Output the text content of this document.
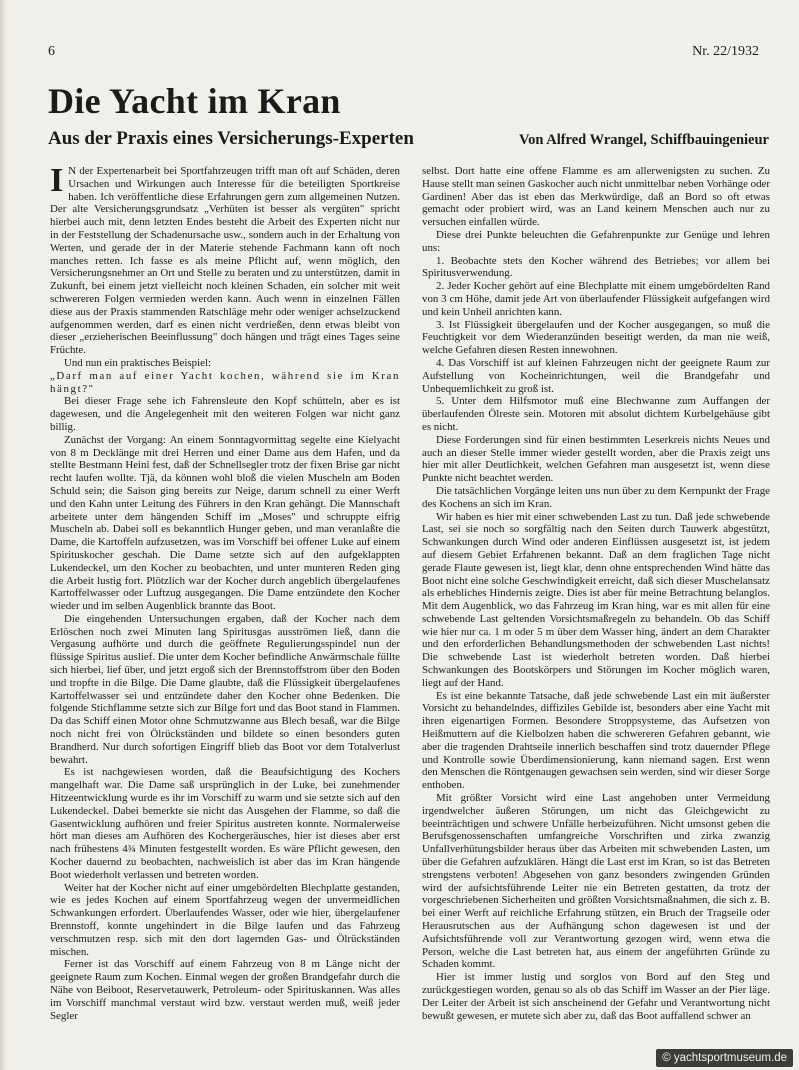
6	Nr. 22/1932
Die Yacht im Kran
Aus der Praxis eines Versicherungs-Experten	Von Alfred Wrangel, Schiffbauingenieur

I N der Expertenarbeit bei Sportfahrzeugen trifft man oft auf Schäden, deren Ursachen und Wirkungen auch Interesse für die beteiligten Sportkreise haben. Ich veröffentliche diese Erfahrungen gern zum allgemeinen Nutzen. Der alte Versicherungsgrundsatz „Verhüten ist besser als vergüten" spricht hierbei auch mit, denn letzten Endes besteht die Arbeit des Experten nicht nur in der Feststellung der Schadenursache usw., sondern auch in der Erhaltung von Werten, und gerade der in der Materie stehende Fachmann kann oft noch manches retten. Ich fasse es als meine Pflicht auf, wenn möglich, den Versicherungsnehmer an Ort und Stelle zu beraten und zu unterstützen, damit in Zukunft, bei einem jetzt vielleicht noch kleinen Schaden, ein solcher mit weit schwereren Folgen vermieden werden kann. Auch wenn in einzelnen Fällen diese aus der Praxis stammenden Ratschläge mehr oder weniger achselzuckend aufgenommen werden, darf es einen nicht verdrießen, denn etwas bleibt von dieser „erzieherischen Beeinflussung" doch hängen und trägt eines Tages seine Früchte.

Und nun ein praktisches Beispiel:

„Darf man auf einer Yacht kochen, während sie im Kran hängt?"

Bei dieser Frage sehe ich Fahrensleute den Kopf schütteln, aber es ist dagewesen, und die Angelegenheit mit den weiteren Folgen war nicht ganz billig.

Zunächst der Vorgang: An einem Sonntagvormittag segelte eine Kielyacht von 8 m Decklänge mit drei Herren und einer Dame aus dem Hafen, und da stellte Bestmann Heini fest, daß der Schnellsegler trotz der fixen Brise gar nicht recht laufen wollte. Tjä, da können wohl bloß die vielen Muscheln am Boden Schuld sein; die Saison ging bereits zur Neige, darum schnell zu einer Werft und den Kahn unter Leitung des Führers in den Kran gehängt. Die Mannschaft arbeitete unter dem hängenden Schiff im „Moses" und schruppte eifrig Muscheln ab. Dabei soll es bekanntlich Hunger geben, und man veranlaßte die Dame, die Kartoffeln aufzusetzen, was im Vorschiff bei offener Luke auf einem Spirituskocher geschah. Die Dame setzte sich auf den aufgeklappten Lukendeckel, um den Kocher zu beobachten, und unter munteren Reden ging die Arbeit lustig fort. Plötzlich war der Kocher durch angeblich übergelaufenes Kartoffelwasser oder Luftzug ausgegangen. Die Dame entzündete den Kocher wieder und im selben Augenblick brannte das Boot.

Die eingehenden Untersuchungen ergaben, daß der Kocher nach dem Erlöschen noch zwei Minuten lang Spiritusgas ausströmen ließ, dann die Vergasung aufhörte und durch die geöffnete Regulierungsspindel nun der flüssige Spiritus auslief. Die unter dem Kocher befindliche Anwärmschale füllte sich hierbei, lief über, und jetzt ergoß sich der Brennstoffstrom über den Boden und tropfte in die Bilge. Die Dame glaubte, daß die Flüssigkeit übergelaufenes Kartoffelwasser sei und entzündete daher den Kocher ohne Bedenken. Die folgende Stichflamme setzte sich zur Bilge fort und das Boot stand in Flammen. Da das Schiff einen Motor ohne Schmutzwanne aus Blech besaß, war die Bilge noch nicht frei von Ölrückständen und bildete so einen besonders guten Brandherd. Nur durch sofortigen Eingriff blieb das Boot vor dem Totalverlust bewahrt.

Es ist nachgewiesen worden, daß die Beaufsichtigung des Kochers mangelhaft war. Die Dame saß ursprünglich in der Luke, bei zunehmender Hitzeentwicklung wurde es ihr im Vorschiff zu warm und sie setzte sich auf den Lukendeckel. Dabei bemerkte sie nicht das Ausgehen der Flamme, so daß die Gasentwicklung aufhören und freier Spiritus austreten konnte. Normalerweise hört man dieses am Aufhören des Kochergeräusches, hier ist dieses aber erst nach frühestens 4¾ Minuten festgestellt worden. Es wäre Pflicht gewesen, den Kocher dauernd zu beobachten, nachweislich ist aber das im Kran hängende Boot wiederholt verlassen und betreten worden.

Weiter hat der Kocher nicht auf einer umgebördelten Blechplatte gestanden, wie es jedes Kochen auf einem Sportfahrzeug wegen der unvermeidlichen Schwankungen erfordert. Überlaufendes Wasser, oder wie hier, übergelaufener Brennstoff, konnte ungehindert in die Bilge laufen und das Fahrzeug verschmutzen resp. sich mit den dort lagernden Gas- und Ölrückständen mischen.

Ferner ist das Vorschiff auf einem Fahrzeug von 8 m Länge nicht der geeignete Raum zum Kochen. Einmal wegen der großen Brandgefahr durch die Nähe von Beiboot, Reservetauwerk, Petroleum- oder Spirituskannen. Was alles im Vorschiff manchmal verstaut wird bzw. verstaut werden muß, weiß jeder Segler

selbst. Dort hatte eine offene Flamme es am allerwenigsten zu suchen. Zu Hause stellt man seinen Gaskocher auch nicht unmittelbar neben Vorhänge oder Gardinen! Aber das ist eben das Merkwürdige, daß an Bord so oft etwas gemacht oder probiert wird, was an Land keinem Menschen auch nur zu versuchen einfallen würde.

Diese drei Punkte beleuchten die Gefahrenpunkte zur Genüge und lehren uns:

1. Beobachte stets den Kocher während des Betriebes; vor allem bei Spiritusverwendung.

2. Jeder Kocher gehört auf eine Blechplatte mit einem umgebördelten Rand von 3 cm Höhe, damit jede Art von überlaufender Flüssigkeit aufgefangen wird und kein Unheil anrichten kann.

3. Ist Flüssigkeit übergelaufen und der Kocher ausgegangen, so muß die Feuchtigkeit vor dem Wiederanzünden beseitigt werden, da man nie weiß, welche Gefahren diesen Resten innewohnen.

4. Das Vorschiff ist auf kleinen Fahrzeugen nicht der geeignete Raum zur Aufstellung von Kocheinrichtungen, weil die Brandgefahr und Unbequemlichkeit zu groß ist.

5. Unter dem Hilfsmotor muß eine Blechwanne zum Auffangen der überlaufenden Ölreste sein. Motoren mit absolut dichtem Kurbelgehäuse gibt es nicht.

Diese Forderungen sind für einen bestimmten Leserkreis nichts Neues und auch an dieser Stelle immer wieder gestellt worden, aber die Praxis zeigt uns hier mit aller Deutlichkeit, welchen Gefahren man ausgesetzt ist, wenn diese Punkte nicht beachtet werden.

Die tatsächlichen Vorgänge leiten uns nun über zu dem Kernpunkt der Frage des Kochens an sich im Kran.

Wir haben es hier mit einer schwebenden Last zu tun. Daß jede schwebende Last, sei sie noch so sorgfältig nach den Seiten durch Tauwerk abgestützt, Schwankungen durch Wind oder anderen Einflüssen ausgesetzt ist, ist jedem auf diesem Gebiet Erfahrenen bekannt. Daß an dem fraglichen Tage nicht gerade Flaute gewesen ist, liegt klar, denn ohne entsprechenden Wind hätte das Boot nicht eine solche Geschwindigkeit erreicht, daß sich dieser Muschelansatz als erhebliches Hindernis zeigte. Dies ist aber für meine Betrachtung belanglos. Mit dem Augenblick, wo das Fahrzeug im Kran hing, war es mit allen für eine schwebende Last geltenden Vorsichtsmaßregeln zu behandeln. Ob das Schiff wie hier nur ca. 1 m oder 5 m über dem Wasser hing, ändert an dem Charakter und den erforderlichen Behandlungsmethoden der schwebenden Last nichts! Die schwebende Last ist wiederholt betreten worden. Daß hierbei Schwankungen des Bootskörpers und Störungen im Kocher möglich waren, liegt auf der Hand.

Es ist eine bekannte Tatsache, daß jede schwebende Last ein mit äußerster Vorsicht zu behandelndes, diffiziles Gebilde ist, besonders aber eine Yacht mit ihren eigenartigen Formen. Besondere Stroppsysteme, das Aufsetzen von Heißmuttern auf die Kielbolzen haben die schwereren Gefahren gebannt, wie aber die tragenden Drahtseile innerlich beschaffen sind trotz dauernder Pflege und Kontrolle sowie Überdimensionierung, kann niemand sagen. Erst wenn den Menschen die Röntgenaugen gewachsen sein werden, sind wir dieser Sorge enthoben.

Mit größter Vorsicht wird eine Last angehoben unter Vermeidung irgendwelcher äußeren Störungen, um nicht das Gleichgewicht zu beeinträchtigen und schwere Unfälle herbeizuführen. Nicht umsonst geben die Berufsgenossenschaften umfangreiche Vorschriften und zirka zwanzig Unfallverhütungsbilder heraus über das Arbeiten mit schwebenden Lasten, um über die Gefahren aufzuklären. Hängt die Last erst im Kran, so ist das Betreten strengstens verboten! Abgesehen von ganz besonders zwingenden Gründen wird der aufsichtsführende Leiter nie ein Betreten gestatten, da trotz der vorgeschriebenen Sicherheiten und größten Vorsichtsmaßnahmen, die sich z. B. bei einer Werft auf reichliche Erfahrung stützen, ein Bruch der Tragseile oder Herausrutschen aus der Aufhängung schon dagewesen ist und der Aufsichtsführende voll zur Verantwortung gezogen wird, wenn etwa die Person, welche die Last betreten hat, aus einem der angeführten Gründe zu Schaden kommt.

Hier ist immer lustig und sorglos von Bord auf den Steg und zurückgestiegen worden, genau so als ob das Schiff im Wasser an der Pier läge. Der Leiter der Arbeit ist sich anscheinend der Gefahr und Verantwortung nicht bewußt gewesen, er mutete sich aber zu, daß das Boot auffallend schwer an

© yachtsportmuseum.de
